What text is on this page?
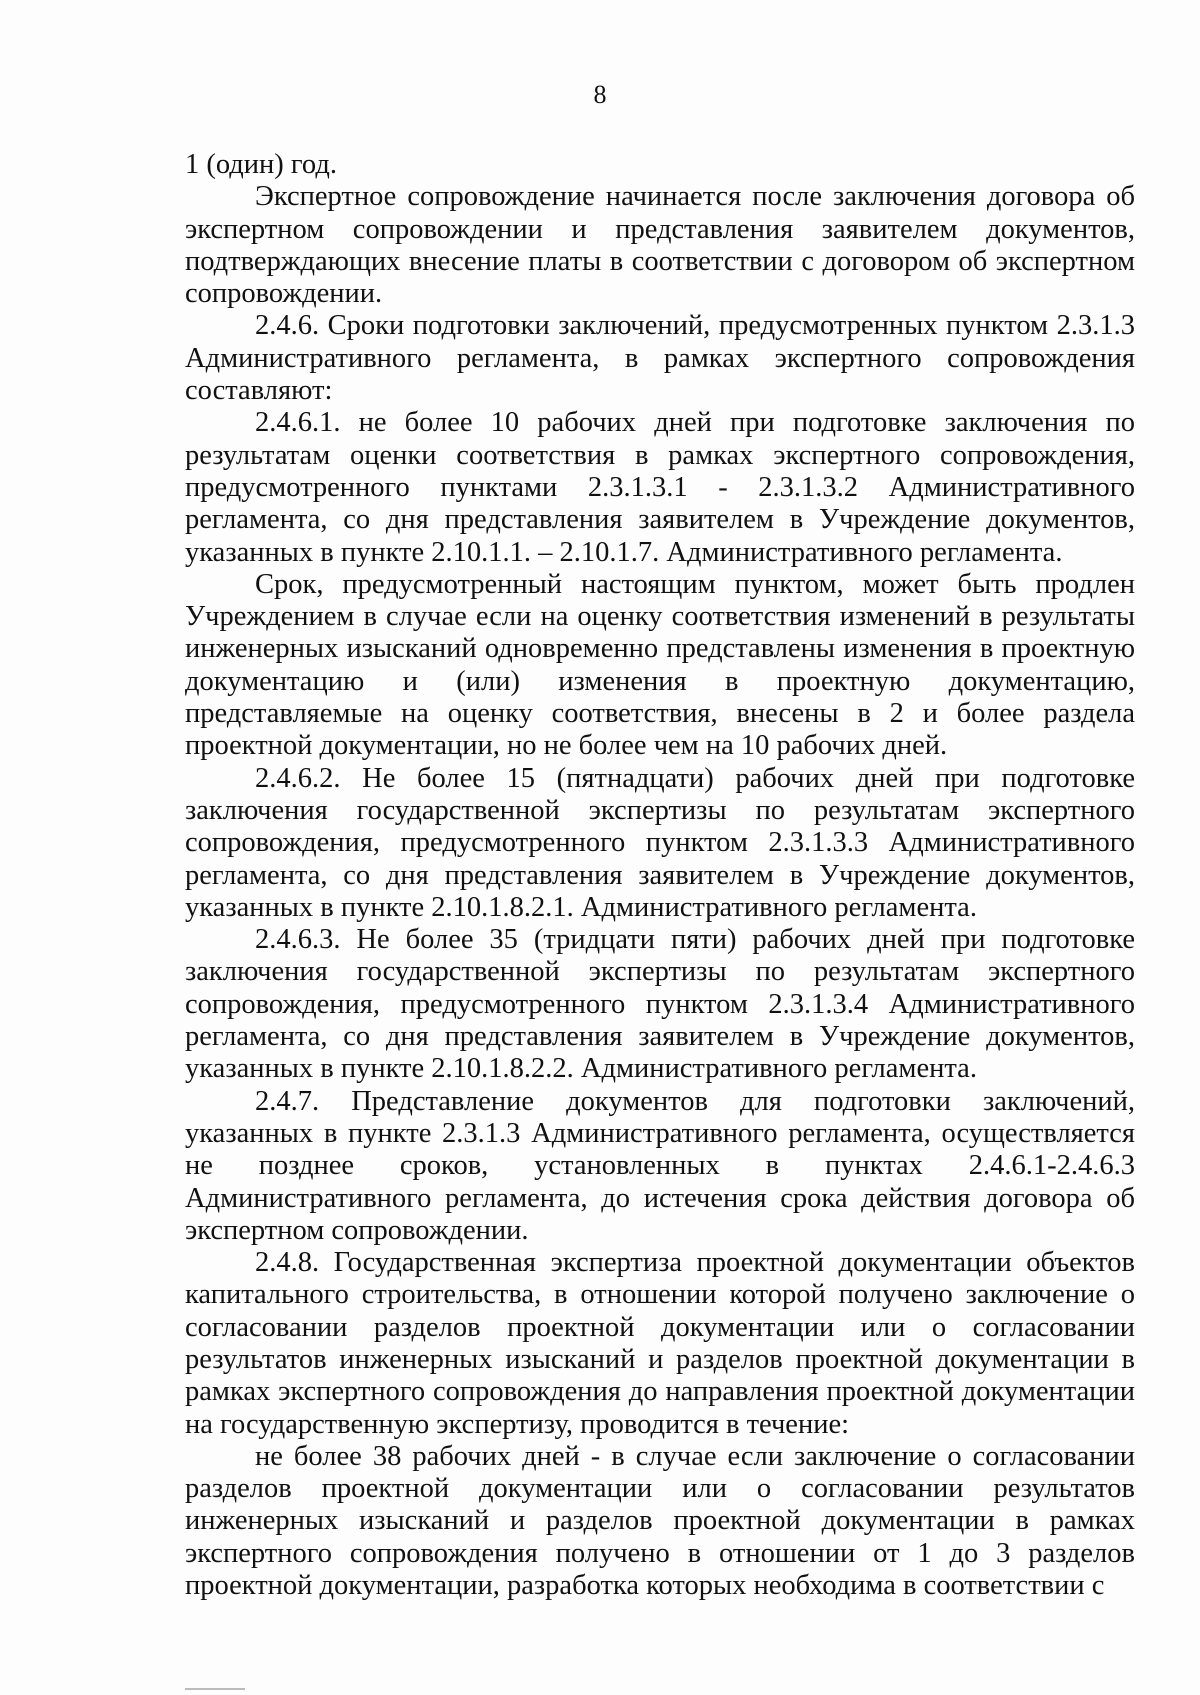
8

1 (один) год.

Экспертное сопровождение начинается после заключения договора об экспертном сопровождении и представления заявителем документов, подтверждающих внесение платы в соответствии с договором об экспертном сопровождении.

2.4.6. Сроки подготовки заключений, предусмотренных пунктом 2.3.1.3 Административного регламента, в рамках экспертного сопровождения составляют:

2.4.6.1. не более 10 рабочих дней при подготовке заключения по результатам оценки соответствия в рамках экспертного сопровождения, предусмотренного пунктами 2.3.1.3.1 - 2.3.1.3.2 Административного регламента, со дня представления заявителем в Учреждение документов, указанных в пункте 2.10.1.1. – 2.10.1.7. Административного регламента.

Срок, предусмотренный настоящим пунктом, может быть продлен Учреждением в случае если на оценку соответствия изменений в результаты инженерных изысканий одновременно представлены изменения в проектную документацию и (или) изменения в проектную документацию, представляемые на оценку соответствия, внесены в 2 и более раздела проектной документации, но не более чем на 10 рабочих дней.

2.4.6.2. Не более 15 (пятнадцати) рабочих дней при подготовке заключения государственной экспертизы по результатам экспертного сопровождения, предусмотренного пунктом 2.3.1.3.3 Административного регламента, со дня представления заявителем в Учреждение документов, указанных в пункте 2.10.1.8.2.1. Административного регламента.

2.4.6.3. Не более 35 (тридцати пяти) рабочих дней при подготовке заключения государственной экспертизы по результатам экспертного сопровождения, предусмотренного пунктом 2.3.1.3.4 Административного регламента, со дня представления заявителем в Учреждение документов, указанных в пункте 2.10.1.8.2.2. Административного регламента.

2.4.7. Представление документов для подготовки заключений, указанных в пункте 2.3.1.3 Административного регламента, осуществляется не позднее сроков, установленных в пунктах 2.4.6.1-2.4.6.3 Административного регламента, до истечения срока действия договора об экспертном сопровождении.

2.4.8. Государственная экспертиза проектной документации объектов капитального строительства, в отношении которой получено заключение о согласовании разделов проектной документации или о согласовании результатов инженерных изысканий и разделов проектной документации в рамках экспертного сопровождения до направления проектной документации на государственную экспертизу, проводится в течение:

не более 38 рабочих дней - в случае если заключение о согласовании разделов проектной документации или о согласовании результатов инженерных изысканий и разделов проектной документации в рамках экспертного сопровождения получено в отношении от 1 до 3 разделов проектной документации, разработка которых необходима в соответствии с
